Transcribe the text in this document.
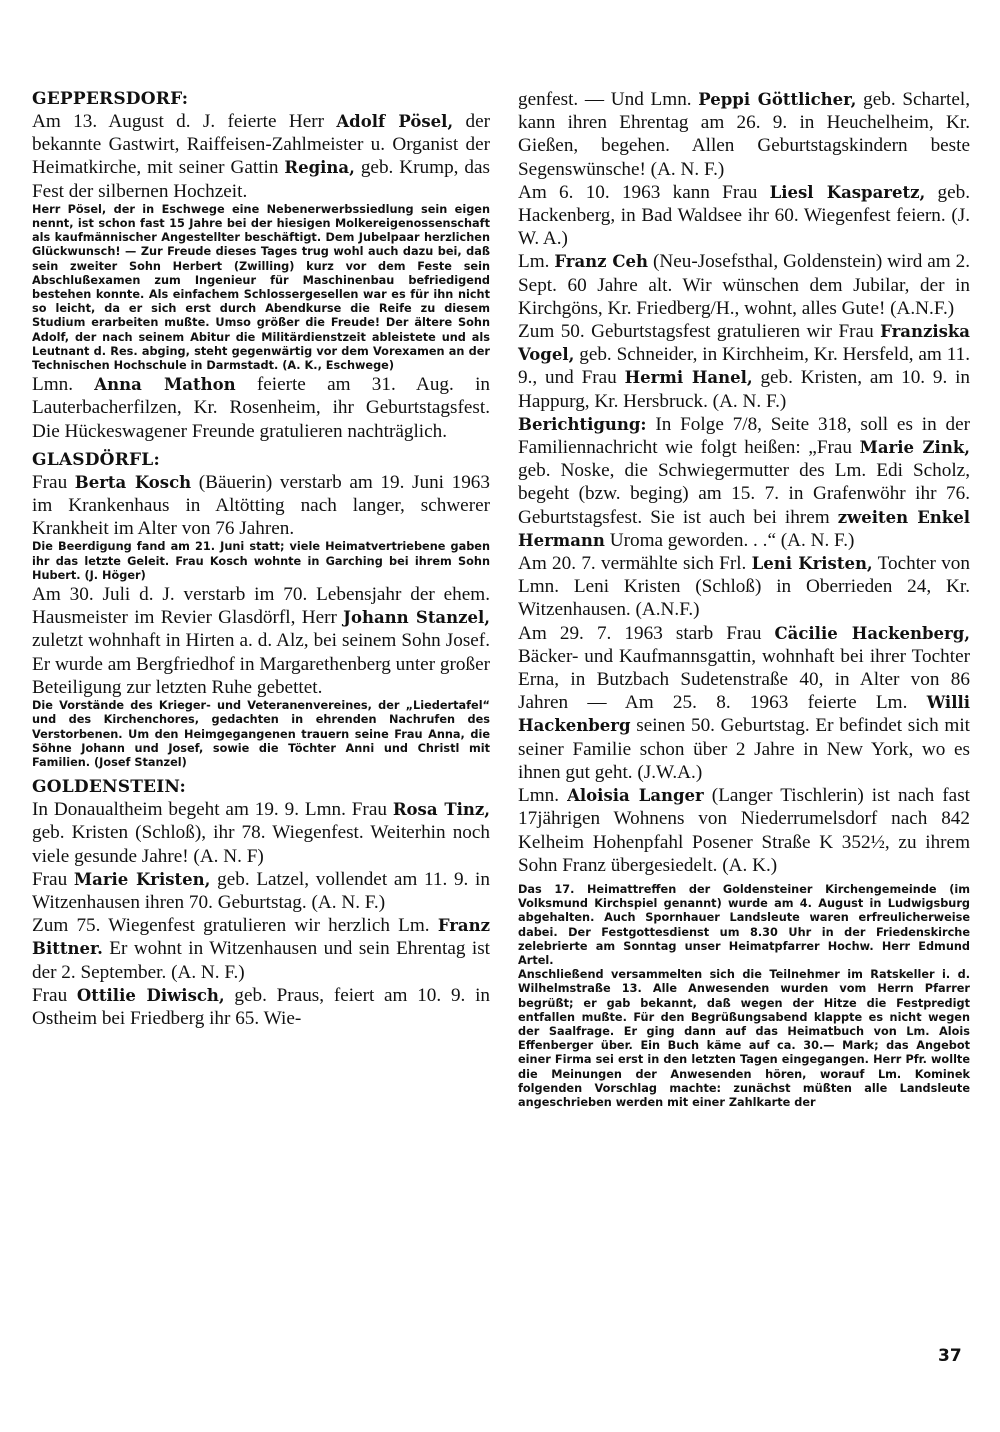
GEPPERSDORF:

Am 13. August d. J. feierte Herr Adolf Pösel, der bekannte Gastwirt, Raiffeisen-Zahlmeister u. Organist der Heimatkirche, mit seiner Gattin Regina, geb. Krump, das Fest der silbernen Hochzeit.

Herr Pösel, der in Eschwege eine Nebenerwerbssiedlung sein eigen nennt, ist schon fast 15 Jahre bei der hiesigen Molkereigenossenschaft als kaufmännischer Angestellter beschäftigt. Dem Jubelpaar herzlichen Glückwunsch! — Zur Freude dieses Tages trug wohl auch dazu bei, daß sein zweiter Sohn Herbert (Zwilling) kurz vor dem Feste sein Abschlußexamen zum Ingenieur für Maschinenbau befriedigend bestehen konnte. Als einfachem Schlossergesellen war es für ihn nicht so leicht, da er sich erst durch Abendkurse die Reife zu diesem Studium erarbeiten mußte. Umso größer die Freude! Der ältere Sohn Adolf, der nach seinem Abitur die Militärdienstzeit ableistete und als Leutnant d. Res. abging, steht gegenwärtig vor dem Vorexamen an der Technischen Hochschule in Darmstadt. (A. K., Eschwege)

Lmn. Anna Mathon feierte am 31. Aug. in Lauterbacherfilzen, Kr. Rosenheim, ihr Geburtstagsfest. Die Hückeswagener Freunde gratulieren nachträglich.

GLASDÖRFL:

Frau Berta Kosch (Bäuerin) verstarb am 19. Juni 1963 im Krankenhaus in Altötting nach langer, schwerer Krankheit im Alter von 76 Jahren.

Die Beerdigung fand am 21. Juni statt; viele Heimatvertriebene gaben ihr das letzte Geleit. Frau Kosch wohnte in Garching bei ihrem Sohn Hubert. (J. Höger)

Am 30. Juli d. J. verstarb im 70. Lebensjahr der ehem. Hausmeister im Revier Glasdörfl, Herr Johann Stanzel, zuletzt wohnhaft in Hirten a. d. Alz, bei seinem Sohn Josef. Er wurde am Bergfriedhof in Margarethenberg unter großer Beteiligung zur letzten Ruhe gebettet.

Die Vorstände des Krieger- und Veteranenvereines, der „Liedertafel“ und des Kirchenchores, gedachten in ehrenden Nachrufen des Verstorbenen. Um den Heimgegangenen trauern seine Frau Anna, die Söhne Johann und Josef, sowie die Töchter Anni und Christl mit Familien. (Josef Stanzel)

GOLDENSTEIN:

In Donaualtheim begeht am 19. 9. Lmn. Frau Rosa Tinz, geb. Kristen (Schloß), ihr 78. Wiegenfest. Weiterhin noch viele gesunde Jahre! (A. N. F)

Frau Marie Kristen, geb. Latzel, vollendet am 11. 9. in Witzenhausen ihren 70. Geburtstag. (A. N. F.)

Zum 75. Wiegenfest gratulieren wir herzlich Lm. Franz Bittner. Er wohnt in Witzenhausen und sein Ehrentag ist der 2. September. (A. N. F.)

Frau Ottilie Diwisch, geb. Praus, feiert am 10. 9. in Ostheim bei Friedberg ihr 65. Wie-

genfest. — Und Lmn. Peppi Göttlicher, geb. Schartel, kann ihren Ehrentag am 26. 9. in Heuchelheim, Kr. Gießen, begehen. Allen Geburtstagskindern beste Segenswünsche! (A. N. F.)

Am 6. 10. 1963 kann Frau Liesl Kasparetz, geb. Hackenberg, in Bad Waldsee ihr 60. Wiegenfest feiern. (J. W. A.)

Lm. Franz Ceh (Neu-Josefsthal, Goldenstein) wird am 2. Sept. 60 Jahre alt. Wir wünschen dem Jubilar, der in Kirchgöns, Kr. Friedberg/H., wohnt, alles Gute! (A.N.F.)

Zum 50. Geburtstagsfest gratulieren wir Frau Franziska Vogel, geb. Schneider, in Kirchheim, Kr. Hersfeld, am 11. 9., und Frau Hermi Hanel, geb. Kristen, am 10. 9. in Happurg, Kr. Hersbruck. (A. N. F.)

Berichtigung: In Folge 7/8, Seite 318, soll es in der Familiennachricht wie folgt heißen: „Frau Marie Zink, geb. Noske, die Schwiegermutter des Lm. Edi Scholz, begeht (bzw. beging) am 15. 7. in Grafenwöhr ihr 76. Geburtstagsfest. Sie ist auch bei ihrem zweiten Enkel Hermann Uroma geworden. . .“ (A. N. F.)

Am 20. 7. vermählte sich Frl. Leni Kristen, Tochter von Lmn. Leni Kristen (Schloß) in Oberrieden 24, Kr. Witzenhausen. (A.N.F.)

Am 29. 7. 1963 starb Frau Cäcilie Hackenberg, Bäcker- und Kaufmannsgattin, wohnhaft bei ihrer Tochter Erna, in Butzbach Sudetenstraße 40, in Alter von 86 Jahren — Am 25. 8. 1963 feierte Lm. Willi Hackenberg seinen 50. Geburtstag. Er befindet sich mit seiner Familie schon über 2 Jahre in New York, wo es ihnen gut geht. (J.W.A.)

Lmn. Aloisia Langer (Langer Tischlerin) ist nach fast 17jährigen Wohnens von Niederrumelsdorf nach 842 Kelheim Hohenpfahl Posener Straße K 352½, zu ihrem Sohn Franz übergesiedelt. (A. K.)

Das 17. Heimattreffen der Goldensteiner Kirchengemeinde (im Volksmund Kirchspiel genannt) wurde am 4. August in Ludwigsburg abgehalten. Auch Spornhauer Landsleute waren erfreulicherweise dabei. Der Festgottesdienst um 8.30 Uhr in der Friedenskirche zelebrierte am Sonntag unser Heimatpfarrer Hochw. Herr Edmund Artel.

Anschließend versammelten sich die Teilnehmer im Ratskeller i. d. Wilhelmstraße 13. Alle Anwesenden wurden vom Herrn Pfarrer begrüßt; er gab bekannt, daß wegen der Hitze die Festpredigt entfallen mußte. Für den Begrüßungsabend klappte es nicht wegen der Saalfrage. Er ging dann auf das Heimatbuch von Lm. Alois Effenberger über. Ein Buch käme auf ca. 30.— Mark; das Angebot einer Firma sei erst in den letzten Tagen eingegangen. Herr Pfr. wollte die Meinungen der Anwesenden hören, worauf Lm. Kominek folgenden Vorschlag machte: zunächst müßten alle Landsleute angeschrieben werden mit einer Zahlkarte der

37
